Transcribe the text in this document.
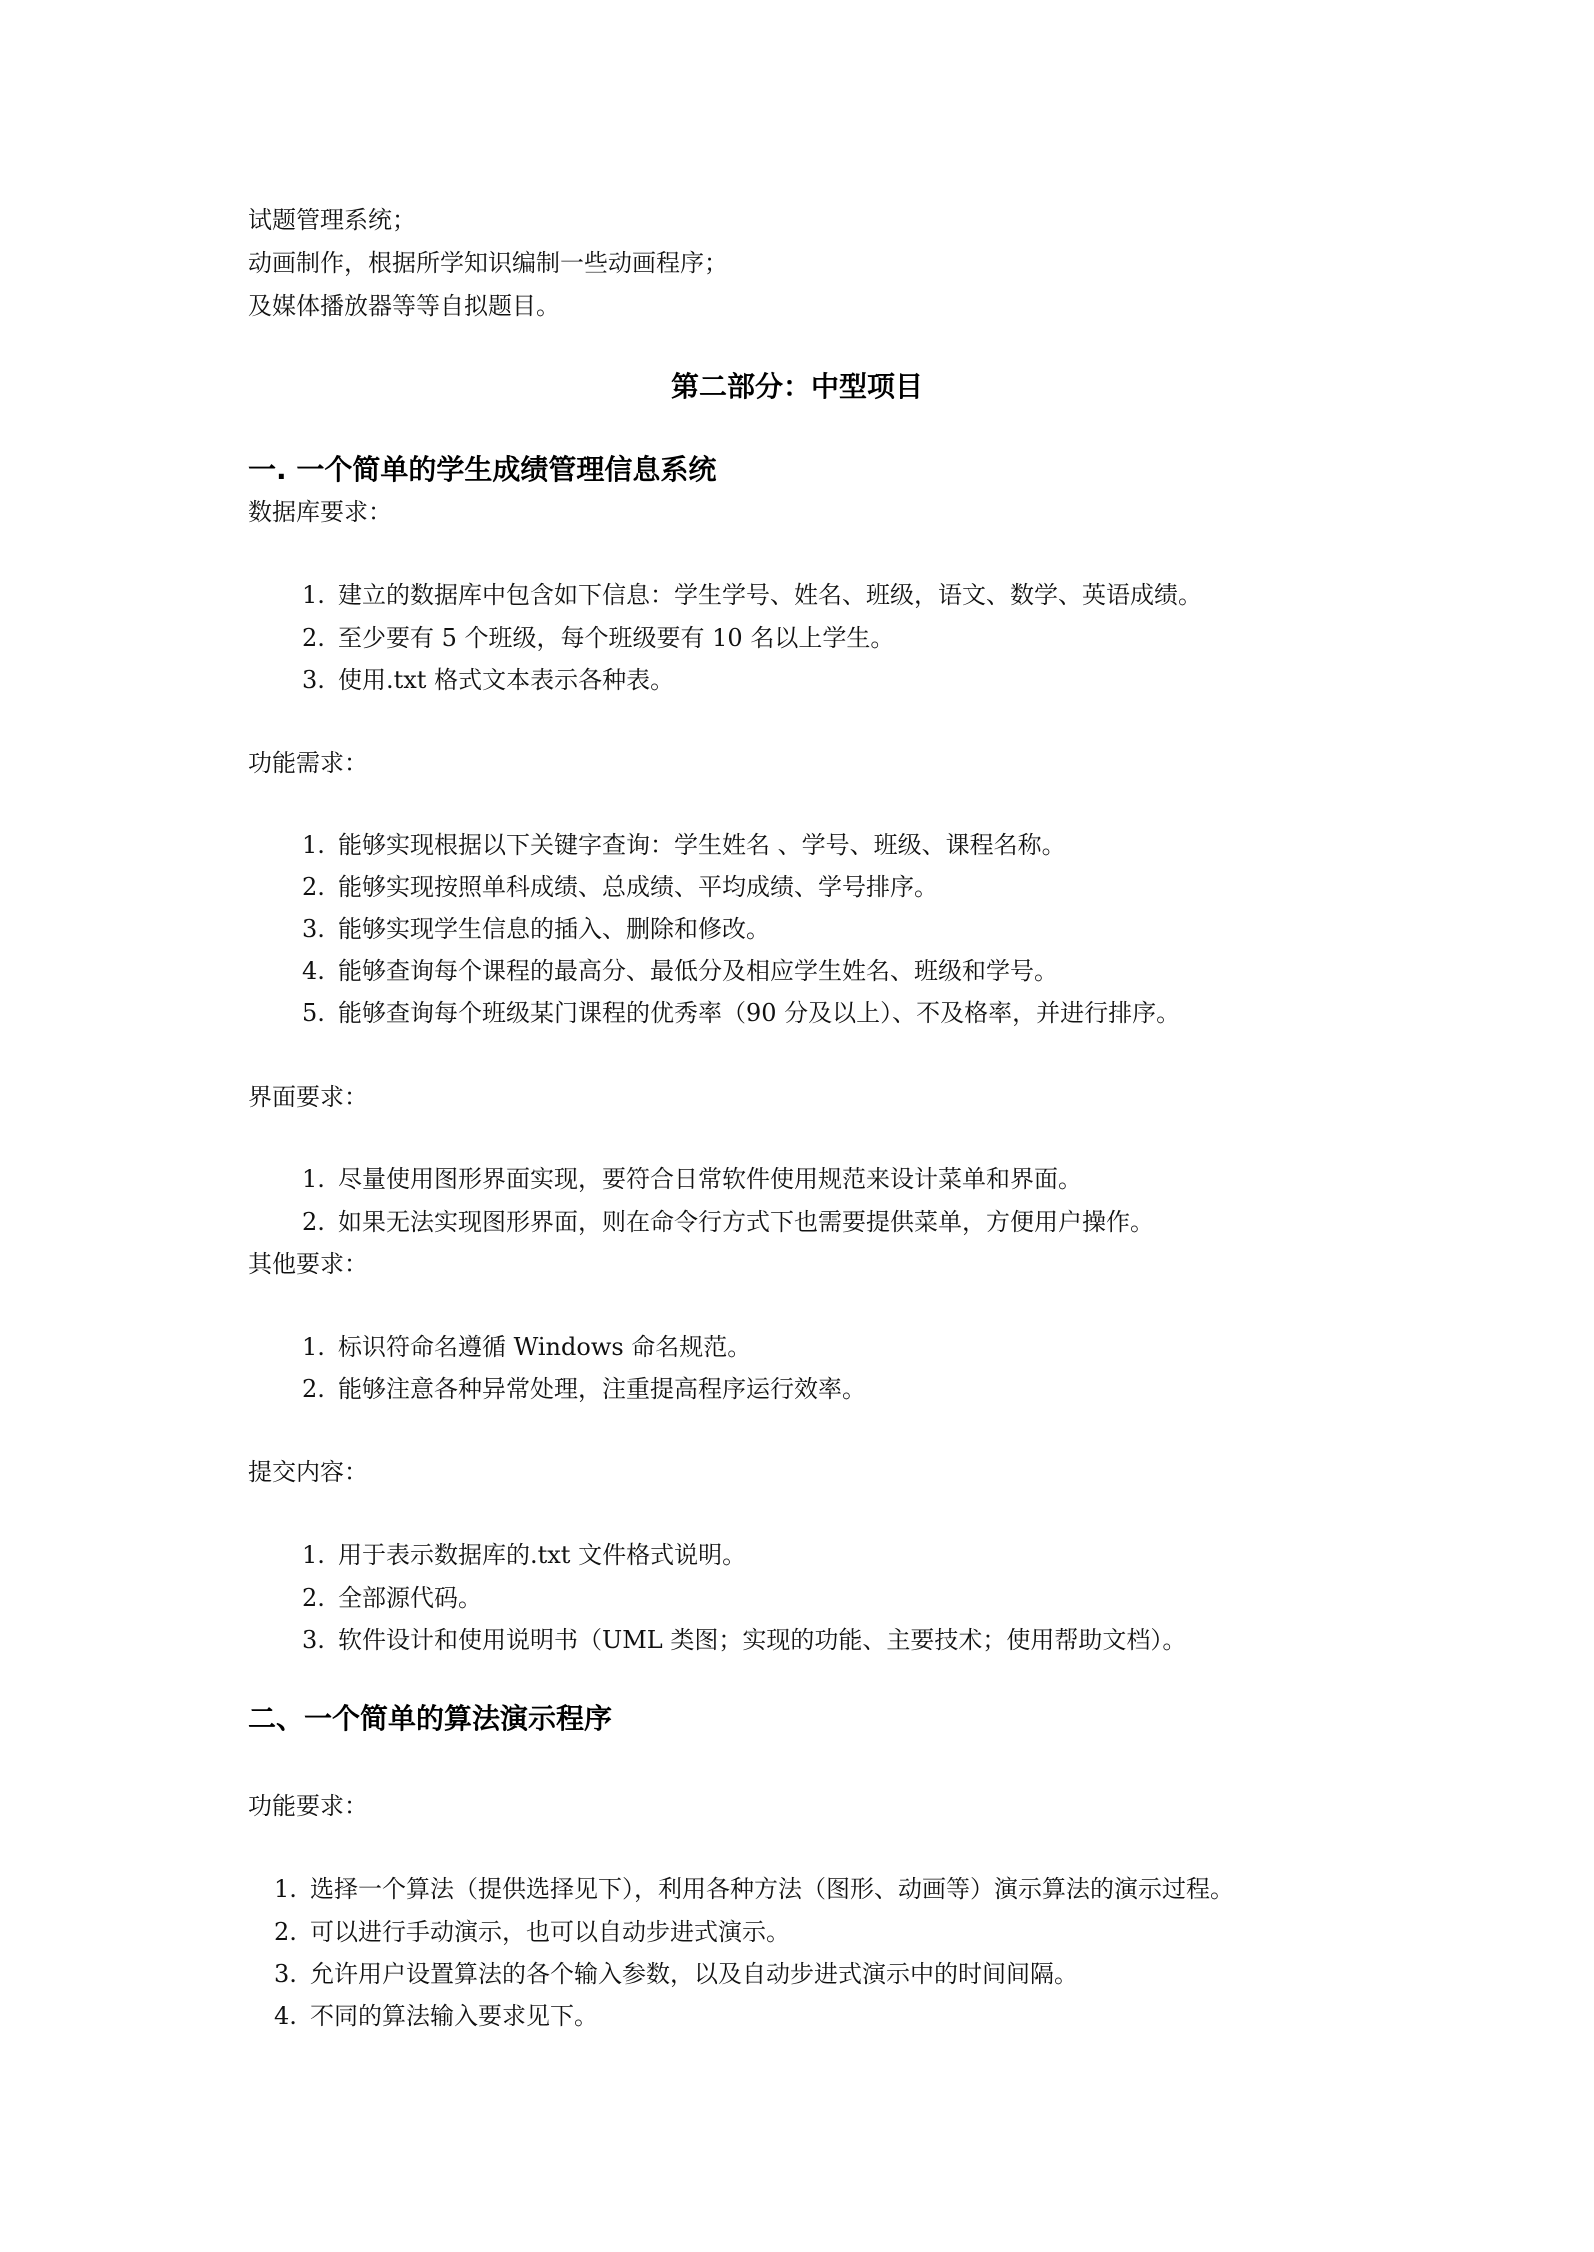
试题管理系统；
动画制作，根据所学知识编制一些动画程序；
及媒体播放器等等自拟题目。
第二部分：中型项目
一. 一个简单的学生成绩管理信息系统
数据库要求：
1. 建立的数据库中包含如下信息：学生学号、姓名、班级，语文、数学、英语成绩。
2. 至少要有 5 个班级，每个班级要有 10 名以上学生。
3. 使用.txt 格式文本表示各种表。
功能需求：
1. 能够实现根据以下关键字查询：学生姓名 、学号、班级、课程名称。
2. 能够实现按照单科成绩、总成绩、平均成绩、学号排序。
3. 能够实现学生信息的插入、删除和修改。
4. 能够查询每个课程的最高分、最低分及相应学生姓名、班级和学号。
5. 能够查询每个班级某门课程的优秀率（90 分及以上）、不及格率，并进行排序。
界面要求：
1. 尽量使用图形界面实现，要符合日常软件使用规范来设计菜单和界面。
2. 如果无法实现图形界面，则在命令行方式下也需要提供菜单，方便用户操作。
其他要求：
1. 标识符命名遵循 Windows 命名规范。
2. 能够注意各种异常处理，注重提高程序运行效率。
提交内容：
1. 用于表示数据库的.txt 文件格式说明。
2. 全部源代码。
3. 软件设计和使用说明书（UML 类图；实现的功能、主要技术；使用帮助文档）。
二、一个简单的算法演示程序
功能要求：
1. 选择一个算法（提供选择见下），利用各种方法（图形、动画等）演示算法的演示过程。
2. 可以进行手动演示，也可以自动步进式演示。
3. 允许用户设置算法的各个输入参数，以及自动步进式演示中的时间间隔。
4. 不同的算法输入要求见下。
